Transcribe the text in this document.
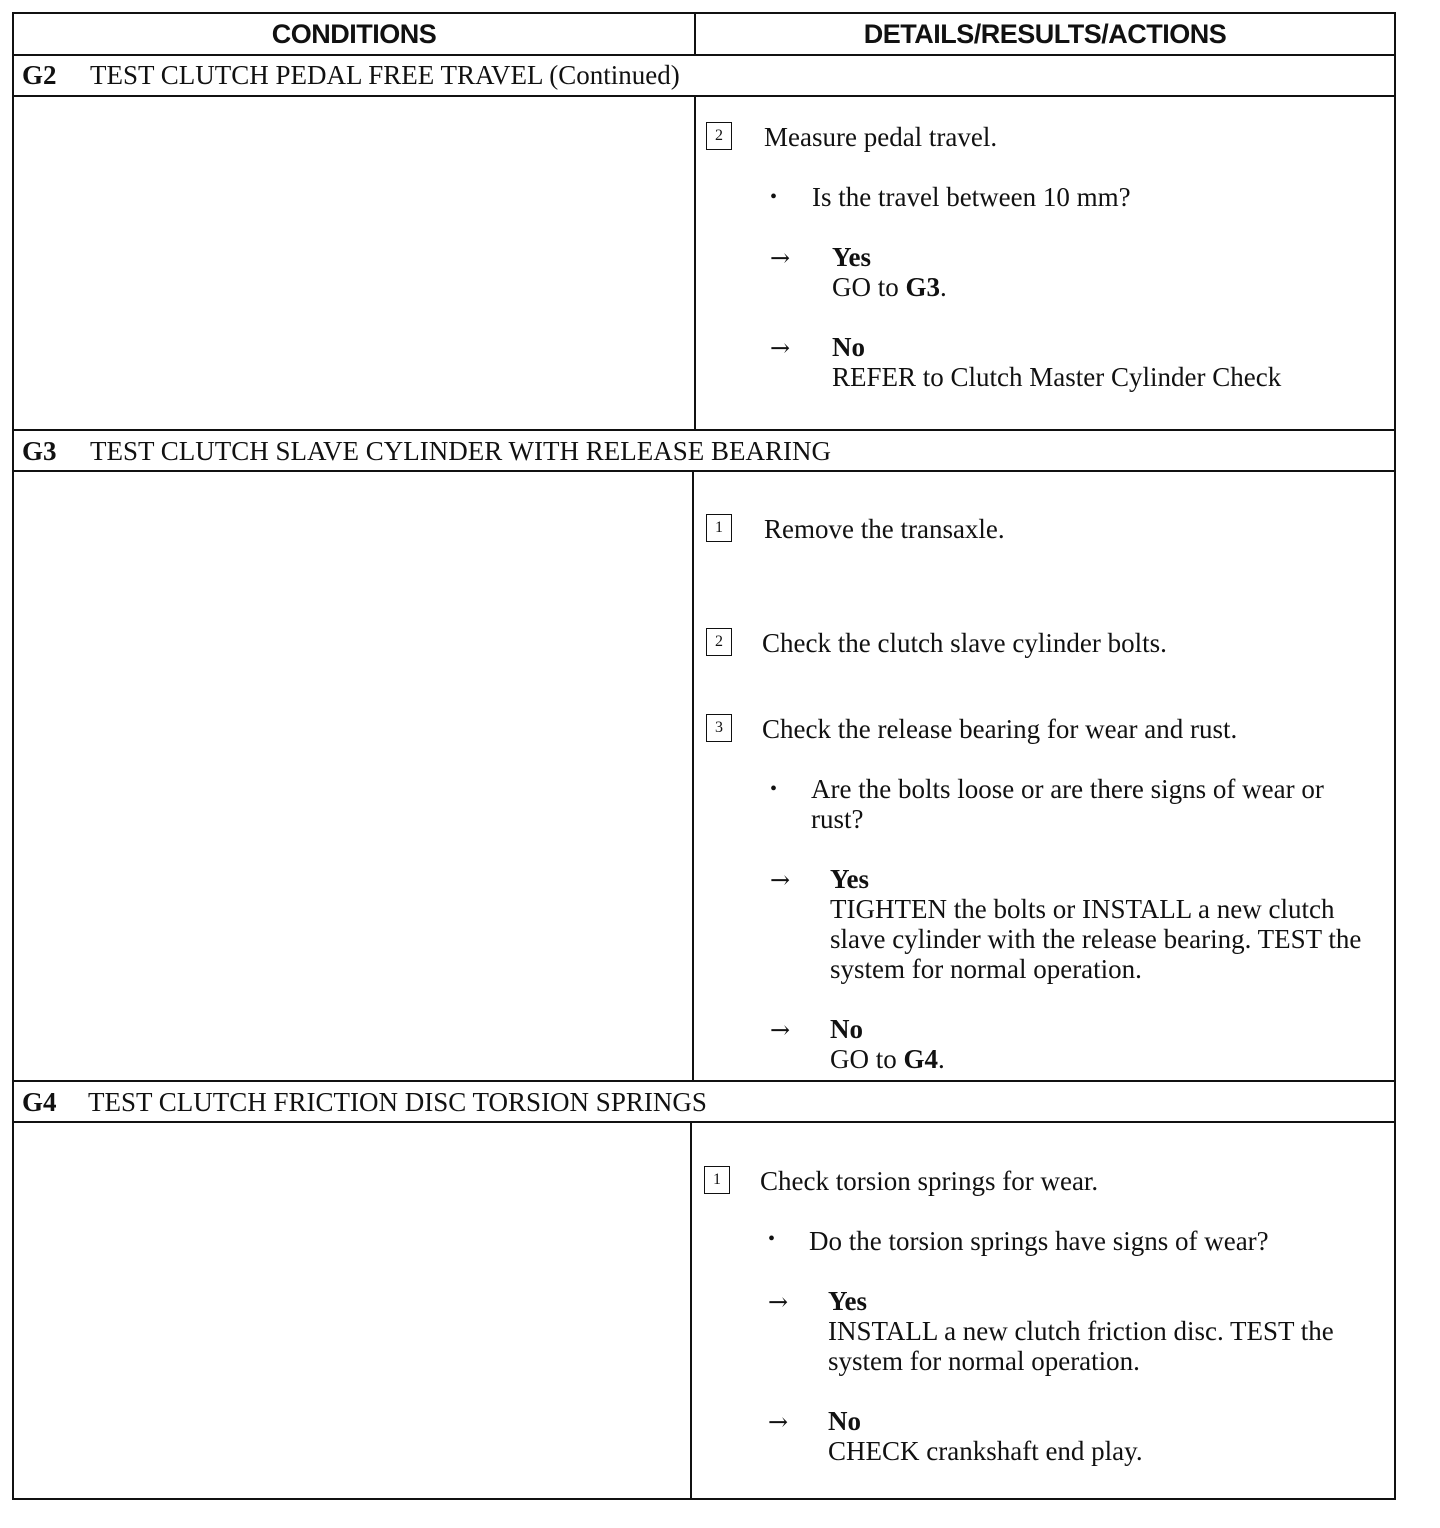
CONDITIONS	DETAILS/RESULTS/ACTIONS
G2 TEST CLUTCH PEDAL FREE TRAVEL (Continued)
2	Measure pedal travel.
• Is the travel between 10 mm?
→ Yes
GO to G3.
→ No
REFER to Clutch Master Cylinder Check
G3 TEST CLUTCH SLAVE CYLINDER WITH RELEASE BEARING
1	Remove the transaxle.
2	Check the clutch slave cylinder bolts.
3	Check the release bearing for wear and rust.
• Are the bolts loose or are there signs of wear or rust?
→ Yes
TIGHTEN the bolts or INSTALL a new clutch slave cylinder with the release bearing. TEST the system for normal operation.
→ No
GO to G4.
G4 TEST CLUTCH FRICTION DISC TORSION SPRINGS
1	Check torsion springs for wear.
• Do the torsion springs have signs of wear?
→ Yes
INSTALL a new clutch friction disc. TEST the system for normal operation.
→ No
CHECK crankshaft end play.
